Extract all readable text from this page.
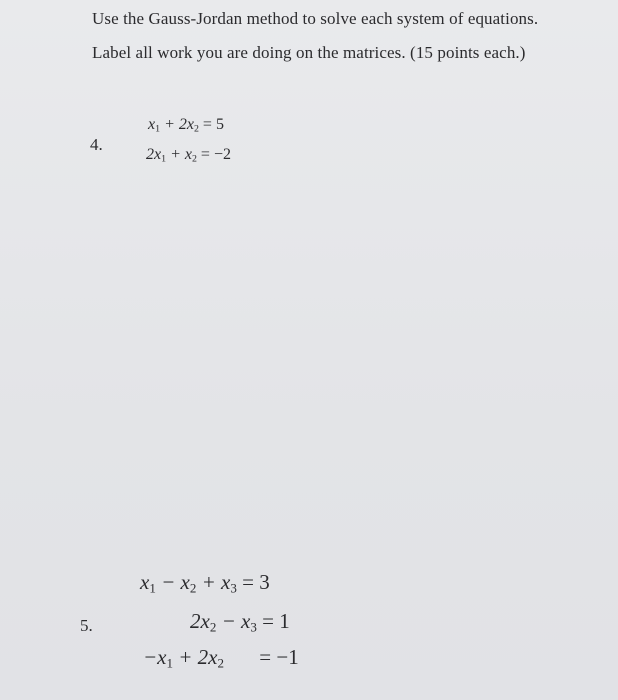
Use the Gauss-Jordan method to solve each system of equations.
Label all work you are doing on the matrices. (15 points each.)
4.
$x_1 + 2x_2 = 5$
$2x_1 + x_2 = -2$
5.
$x_1 - x_2 + x_3 = 3$
$2x_2 - x_3 = 1$
$-x_1 + 2x_2 = -1$
